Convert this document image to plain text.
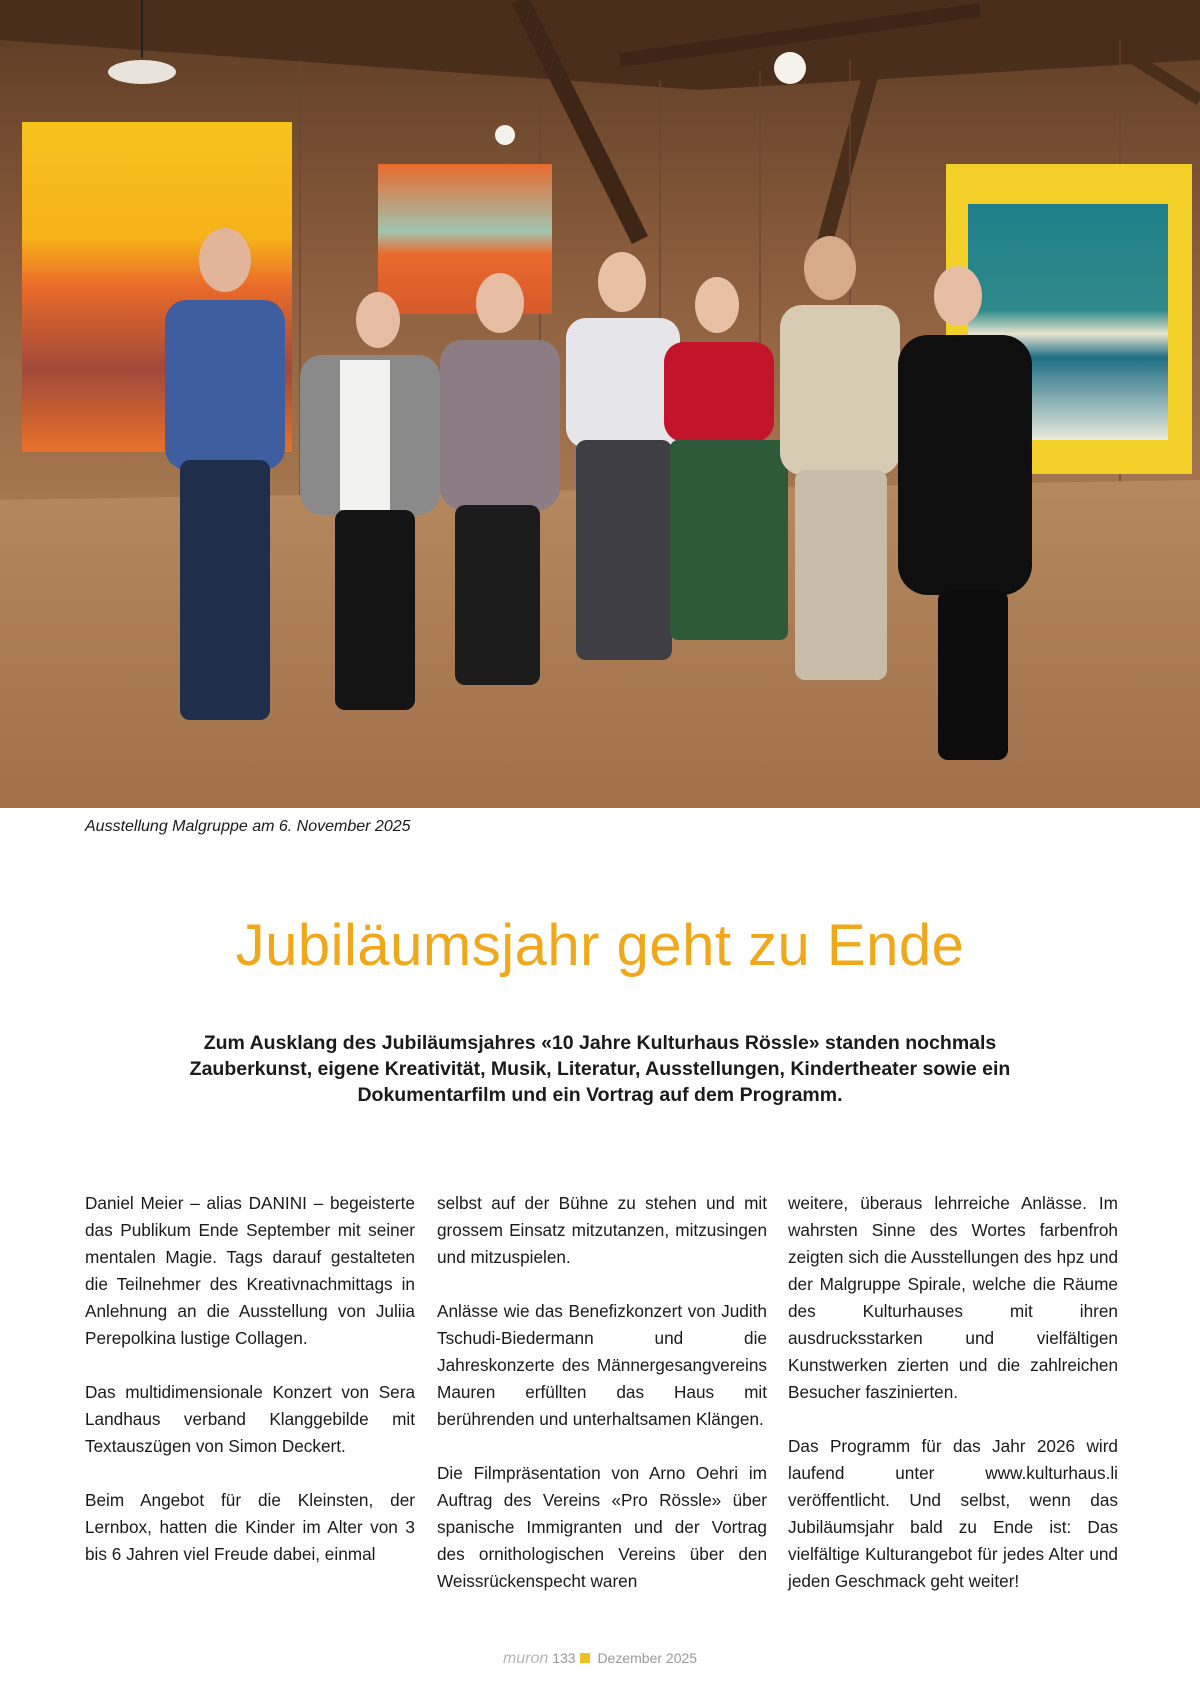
Ausstellung Malgruppe am 6. November 2025
Jubiläumsjahr geht zu Ende

Zum Ausklang des Jubiläumsjahres «10 Jahre Kulturhaus Rössle» standen nochmals Zauberkunst, eigene Kreativität, Musik, Literatur, Ausstellungen, Kindertheater sowie ein Dokumentarfilm und ein Vortrag auf dem Programm.

Daniel Meier – alias DANINI – begeisterte das Publikum Ende September mit seiner mentalen Magie. Tags darauf gestalteten die Teilnehmer des Kreativnachmittags in Anlehnung an die Ausstellung von Juliia Perepolkina lustige Collagen.

Das multidimensionale Konzert von Sera Landhaus verband Klanggebilde mit Textauszügen von Simon Deckert.

Beim Angebot für die Kleinsten, der Lernbox, hatten die Kinder im Alter von 3 bis 6 Jahren viel Freude dabei, einmal

selbst auf der Bühne zu stehen und mit grossem Einsatz mitzutanzen, mitzusingen und mitzuspielen.

Anlässe wie das Benefizkonzert von Judith Tschudi-Biedermann und die Jahreskonzerte des Männergesangvereins Mauren erfüllten das Haus mit berührenden und unterhaltsamen Klängen.

Die Filmpräsentation von Arno Oehri im Auftrag des Vereins «Pro Rössle» über spanische Immigranten und der Vortrag des ornithologischen Vereins über den Weissrückenspecht waren

weitere, überaus lehrreiche Anlässe. Im wahrsten Sinne des Wortes farbenfroh zeigten sich die Ausstellungen des hpz und der Malgruppe Spirale, welche die Räume des Kulturhauses mit ihren ausdrucksstarken und vielfältigen Kunstwerken zierten und die zahlreichen Besucher faszinierten.

Das Programm für das Jahr 2026 wird laufend unter www.kulturhaus.li veröffentlicht. Und selbst, wenn das Jubiläumsjahr bald zu Ende ist: Das vielfältige Kulturangebot für jedes Alter und jeden Geschmack geht weiter!

muron 133 Dezember 2025
